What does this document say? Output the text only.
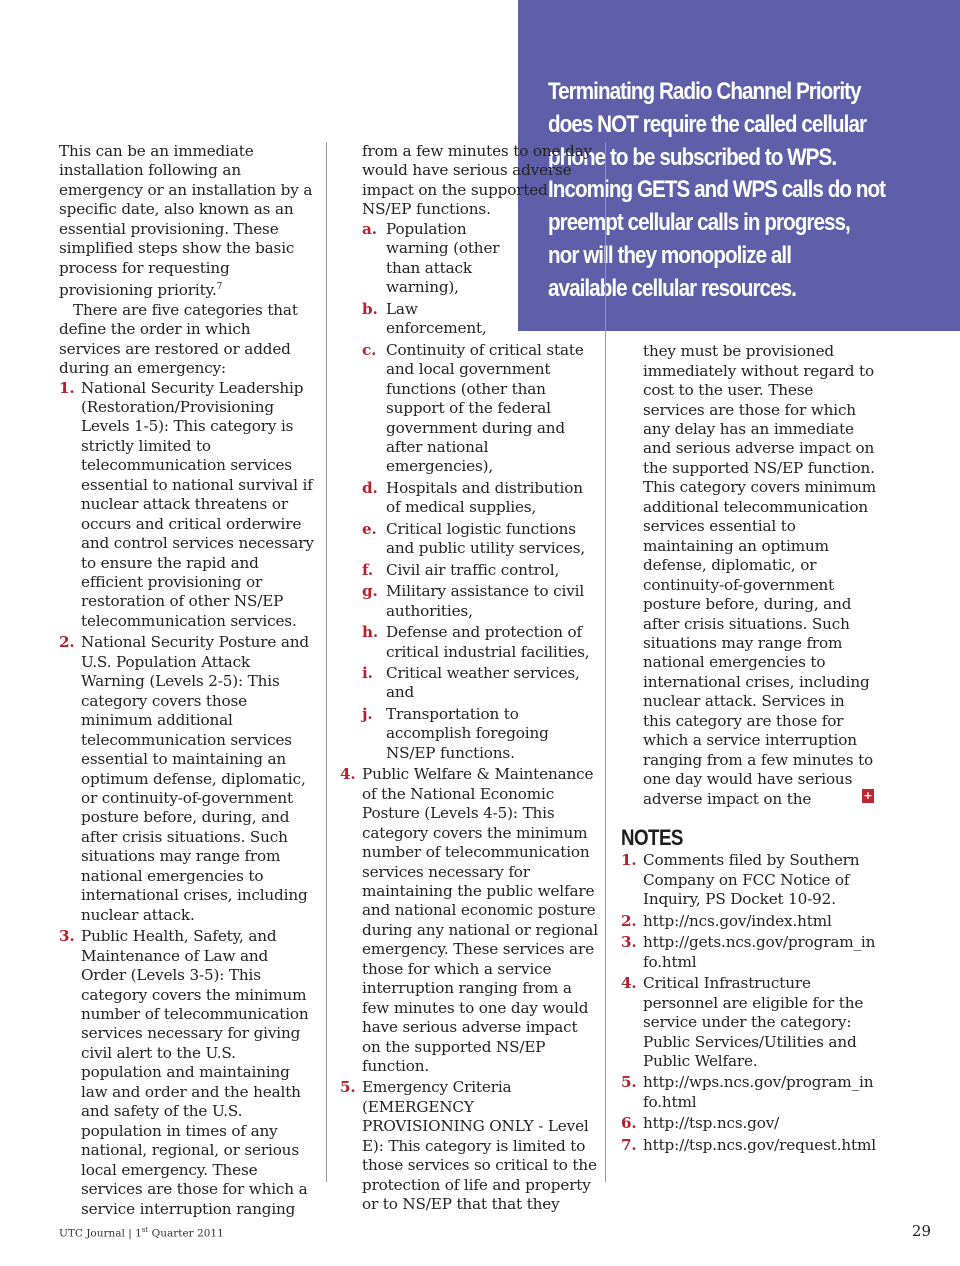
Terminating Radio Channel Priority
does NOT require the called cellular
phone to be subscribed to WPS.
Incoming GETS and WPS calls do not
preempt cellular calls in progress,
nor will they monopolize all
available cellular resources.

This can be an immediate installation following an emergency or an installation by a specific date, also known as an essential provisioning. These simplified steps show the basic process for requesting provisioning priority.$^7$

There are five categories that define the order in which services are restored or added during an emergency:

1. National Security Leadership (Restoration/Provisioning Levels 1-5): This category is strictly limited to telecommunication services essential to national survival if nuclear attack threatens or occurs and critical orderwire and control services necessary to ensure the rapid and efficient provisioning or restoration of other NS/EP telecommunication services.
2. National Security Posture and U.S. Population Attack Warning (Levels 2-5): This category covers those minimum additional telecommunication services essential to maintaining an optimum defense, diplomatic, or continuity-of-government posture before, during, and after crisis situations. Such situations may range from national emergencies to international crises, including nuclear attack.
3. Public Health, Safety, and Maintenance of Law and Order (Levels 3-5): This category covers the minimum number of telecommunication services necessary for giving civil alert to the U.S. population and maintaining law and order and the health and safety of the U.S. population in times of any national, regional, or serious local emergency. These services are those for which a service interruption ranging
from a few minutes to one day would have serious adverse impact on the supported NS/EP functions.
a. Population warning (other than attack warning),
b. Law enforcement,
c. Continuity of critical state and local government functions (other than support of the federal government during and after national emergencies),
d. Hospitals and distribution of medical supplies,
e. Critical logistic functions and public utility services,
f. Civil air traffic control,
g. Military assistance to civil authorities,
h. Defense and protection of critical industrial facilities,
i. Critical weather services, and
j. Transportation to accomplish foregoing NS/EP functions.
4. Public Welfare & Maintenance of the National Economic Posture (Levels 4-5): This category covers the minimum number of telecommunication services necessary for maintaining the public welfare and national economic posture during any national or regional emergency. These services are those for which a service interruption ranging from a few minutes to one day would have serious adverse impact on the supported NS/EP function.
5. Emergency Criteria (EMERGENCY PROVISIONING ONLY - Level E): This category is limited to those services so critical to the protection of life and property or to NS/EP that that they
they must be provisioned immediately without regard to cost to the user. These services are those for which any delay has an immediate and serious adverse impact on the supported NS/EP function. This category covers minimum additional telecommunication services essential to maintaining an optimum defense, diplomatic, or continuity-of-government posture before, during, and after crisis situations. Such situations may range from national emergencies to international crises, including nuclear attack. Services in this category are those for which a service interruption ranging from a few minutes to one day would have serious adverse impact on the
NOTES
1. Comments filed by Southern Company on FCC Notice of Inquiry, PS Docket 10-92.
2. http://ncs.gov/index.html
3. http://gets.ncs.gov/program_info.html
4. Critical Infrastructure personnel are eligible for the service under the category: Public Services/Utilities and Public Welfare.
5. http://wps.ncs.gov/program_info.html
6. http://tsp.ncs.gov/
7. http://tsp.ncs.gov/request.html
+
UTC Journal | 1st Quarter 2011	29
